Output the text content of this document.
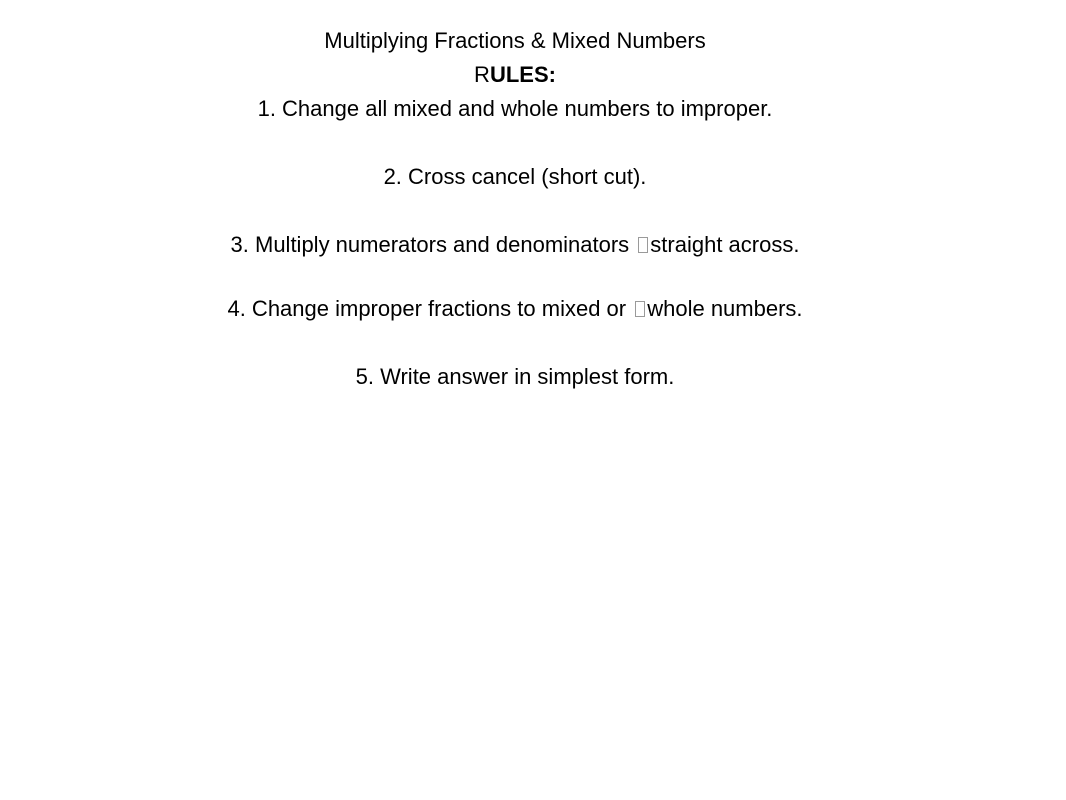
Multiplying Fractions & Mixed Numbers
RULES:
1. Change all mixed and whole numbers to improper.
2. Cross cancel (short cut).
3. Multiply numerators and denominators straight across.
4. Change improper fractions to mixed or whole numbers.
5. Write answer in simplest form.
